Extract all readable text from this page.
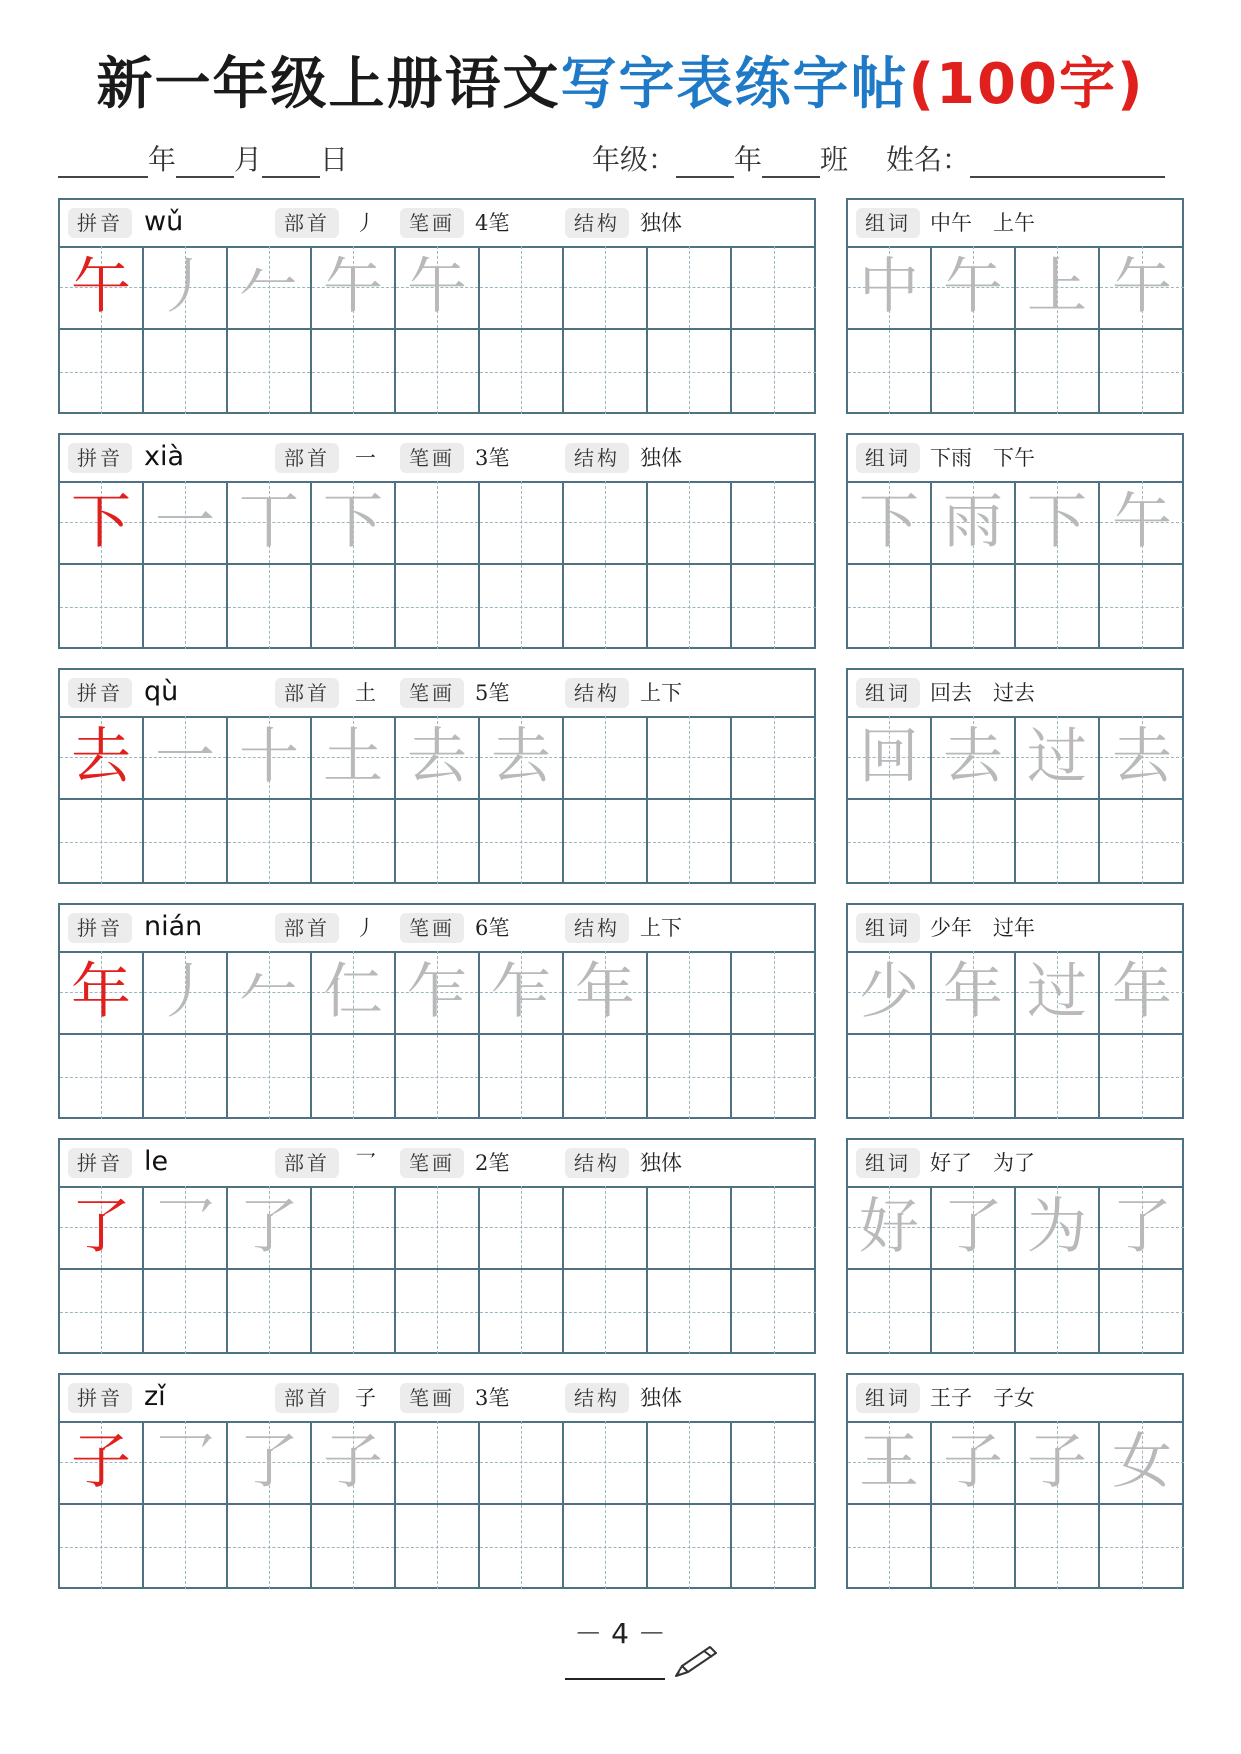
新一年级上册语文写字表练字帖(100字)
年 月 日	年级： 年 班 姓名：
拼音 wǔ	部首	丿	笔画 4笔	结构 独体
午 丿 𠂉 午 午
组词 中午　上午
中 午 上 午
拼音 xià	部首	一	笔画 3笔	结构 独体
下 一 丅 下
组词 下雨　下午
下 雨 下 午
拼音 qù	部首	土	笔画 5笔	结构 上下
去 一 十 土 去 去
组词 回去　过去
回 去 过 去
拼音 nián	部首	丿	笔画 6笔	结构 上下
年 丿 𠂉 仁 乍 乍 年
组词 少年　过年
少 年 过 年
拼音 le	部首	乛	笔画 2笔	结构 独体
了 乛 了
组词 好了　为了
好 了 为 了
拼音 zǐ	部首	子	笔画 3笔	结构 独体
子 乛 了 子
组词 王子　子女
王 子 子 女
－ 4 －
